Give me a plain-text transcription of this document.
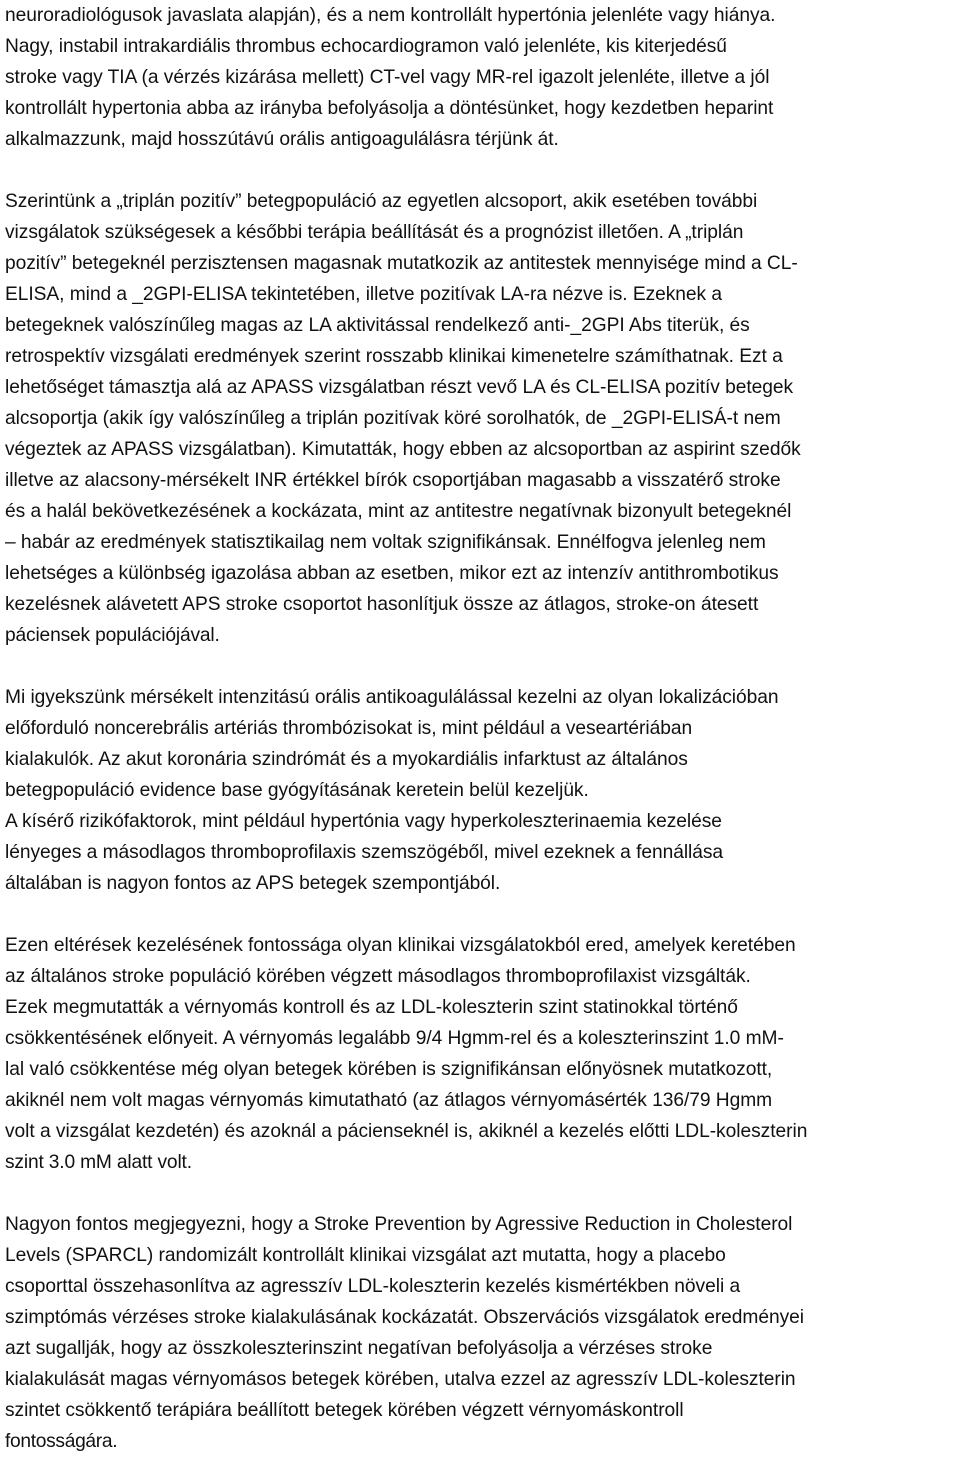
neuroradiológusok javaslata alapján), és a nem kontrollált hypertónia jelenléte vagy hiánya.
Nagy, instabil intrakardiális thrombus echocardiogramon való jelenléte, kis kiterjedésű
stroke vagy TIA (a vérzés kizárása mellett) CT-vel vagy MR-rel igazolt jelenléte, illetve a jól
kontrollált hypertonia abba az irányba befolyásolja a döntésünket, hogy kezdetben heparint
alkalmazzunk, majd hosszútávú orális antigoagulálásra térjünk át.
Szerintünk a „triplán pozitív” betegpopuláció az egyetlen alcsoport, akik esetében további
vizsgálatok szükségesek a későbbi terápia beállítását és a prognózist illetően. A „triplán
pozitív” betegeknél perzisztensen magasnak mutatkozik az antitestek mennyisége mind a CL-
ELISA, mind a _2GPI-ELISA tekintetében, illetve pozitívak LA-ra nézve is. Ezeknek a
betegeknek valószínűleg magas az LA aktivitással rendelkező anti-_2GPI Abs titerük, és
retrospektív vizsgálati eredmények szerint rosszabb klinikai kimenetelre számíthatnak. Ezt a
lehetőséget támasztja alá az APASS vizsgálatban részt vevő LA és CL-ELISA pozitív betegek
alcsoportja (akik így valószínűleg a triplán pozitívak köré sorolhatók, de _2GPI-ELISÁ-t nem
végeztek az APASS vizsgálatban). Kimutatták, hogy ebben az alcsoportban az aspirint szedők
illetve az alacsony-mérsékelt INR értékkel bírók csoportjában magasabb a visszatérő stroke
és a halál bekövetkezésének a kockázata, mint az antitestre negatívnak bizonyult betegeknél
– habár az eredmények statisztikailag nem voltak szignifikánsak. Ennélfogva jelenleg nem
lehetséges a különbség igazolása abban az esetben, mikor ezt az intenzív antithrombotikus
kezelésnek alávetett APS stroke csoportot hasonlítjuk össze az átlagos, stroke-on átesett
páciensek populációjával.
Mi igyekszünk mérsékelt intenzitású orális antikoagulálással kezelni az olyan lokalizációban
előforduló noncerebrális artériás thrombózisokat is, mint például a veseartériában
kialakulók. Az akut koronária szindrómát és a myokardiális infarktust az általános
betegpopuláció evidence base gyógyításának keretein belül kezeljük.
A kísérő rizikófaktorok, mint például hypertónia vagy hyperkoleszterinaemia kezelése
lényeges a másodlagos thromboprofilaxis szemszögéből, mivel ezeknek a fennállása
általában is nagyon fontos az APS betegek szempontjából.
Ezen eltérések kezelésének fontossága olyan klinikai vizsgálatokból ered, amelyek keretében
az általános stroke populáció körében végzett másodlagos thromboprofilaxist vizsgálták.
Ezek megmutatták a vérnyomás kontroll és az LDL-koleszterin szint statinokkal történő
csökkentésének előnyeit. A vérnyomás legalább 9/4 Hgmm-rel és a koleszterinszint 1.0 mM-
lal való csökkentése még olyan betegek körében is szignifikánsan előnyösnek mutatkozott,
akiknél nem volt magas vérnyomás kimutatható (az átlagos vérnyomásérték 136/79 Hgmm
volt a vizsgálat kezdetén) és azoknál a pácienseknél is, akiknél a kezelés előtti LDL-koleszterin
szint 3.0 mM alatt volt.
Nagyon fontos megjegyezni, hogy a Stroke Prevention by Agressive Reduction in Cholesterol
Levels (SPARCL) randomizált kontrollált klinikai vizsgálat azt mutatta, hogy a placebo
csoporttal összehasonlítva az agresszív LDL-koleszterin kezelés kismértékben növeli a
szimptómás vérzéses stroke kialakulásának kockázatát. Obszervációs vizsgálatok eredményei
azt sugallják, hogy az összkoleszterinszint negatívan befolyásolja a vérzéses stroke
kialakulását magas vérnyomásos betegek körében, utalva ezzel az agresszív LDL-koleszterin
szintet csökkentő terápiára beállított betegek körében végzett vérnyomáskontroll
fontosságára.
